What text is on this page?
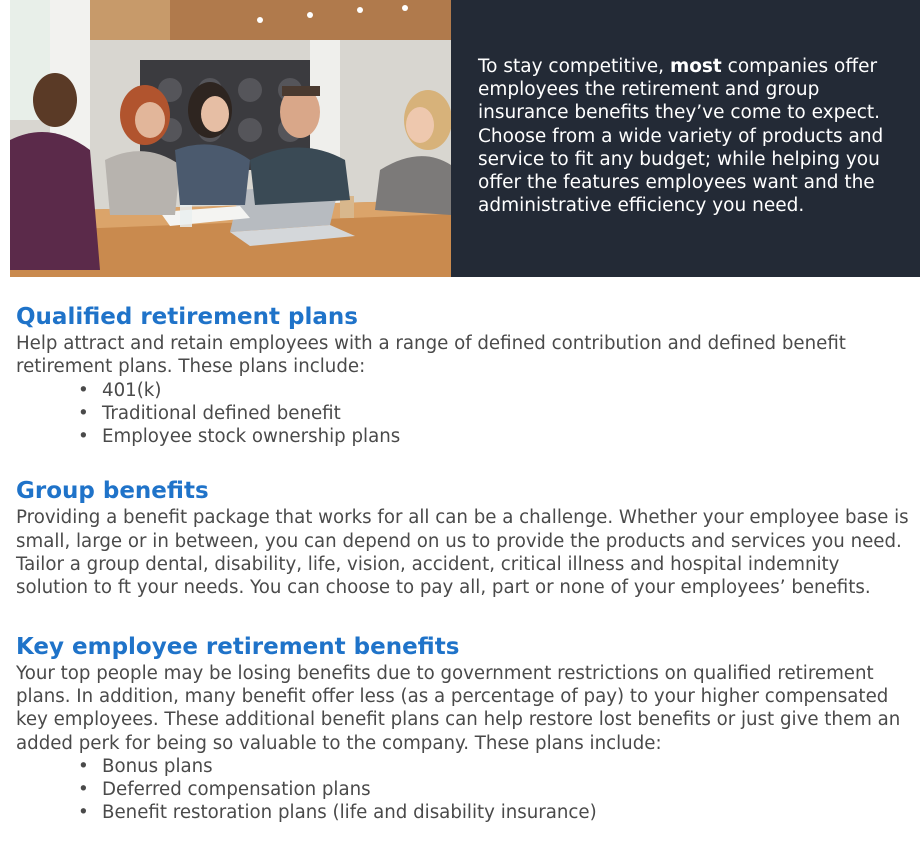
To stay competitive, most companies offer employees the retirement and group insurance benefits they’ve come to expect. Choose from a wide variety of products and service to fit any budget; while helping you offer the features employees want and the administrative efficiency you need.
Qualified retirement plans

Help attract and retain employees with a range of defined contribution and defined benefit retirement plans. These plans include:

• 401(k)
• Traditional defined benefit
• Employee stock ownership plans
Group benefits

Providing a benefit package that works for all can be a challenge. Whether your employee base is small, large or in between, you can depend on us to provide the products and services you need. Tailor a group dental, disability, life, vision, accident, critical illness and hospital indemnity solution to ft your needs. You can choose to pay all, part or none of your employees’ benefits.

Key employee retirement benefits

Your top people may be losing benefits due to government restrictions on qualified retirement plans. In addition, many benefit offer less (as a percentage of pay) to your higher compensated key employees. These additional benefit plans can help restore lost benefits or just give them an added perk for being so valuable to the company. These plans include:

• Bonus plans
• Deferred compensation plans
• Benefit restoration plans (life and disability insurance)
